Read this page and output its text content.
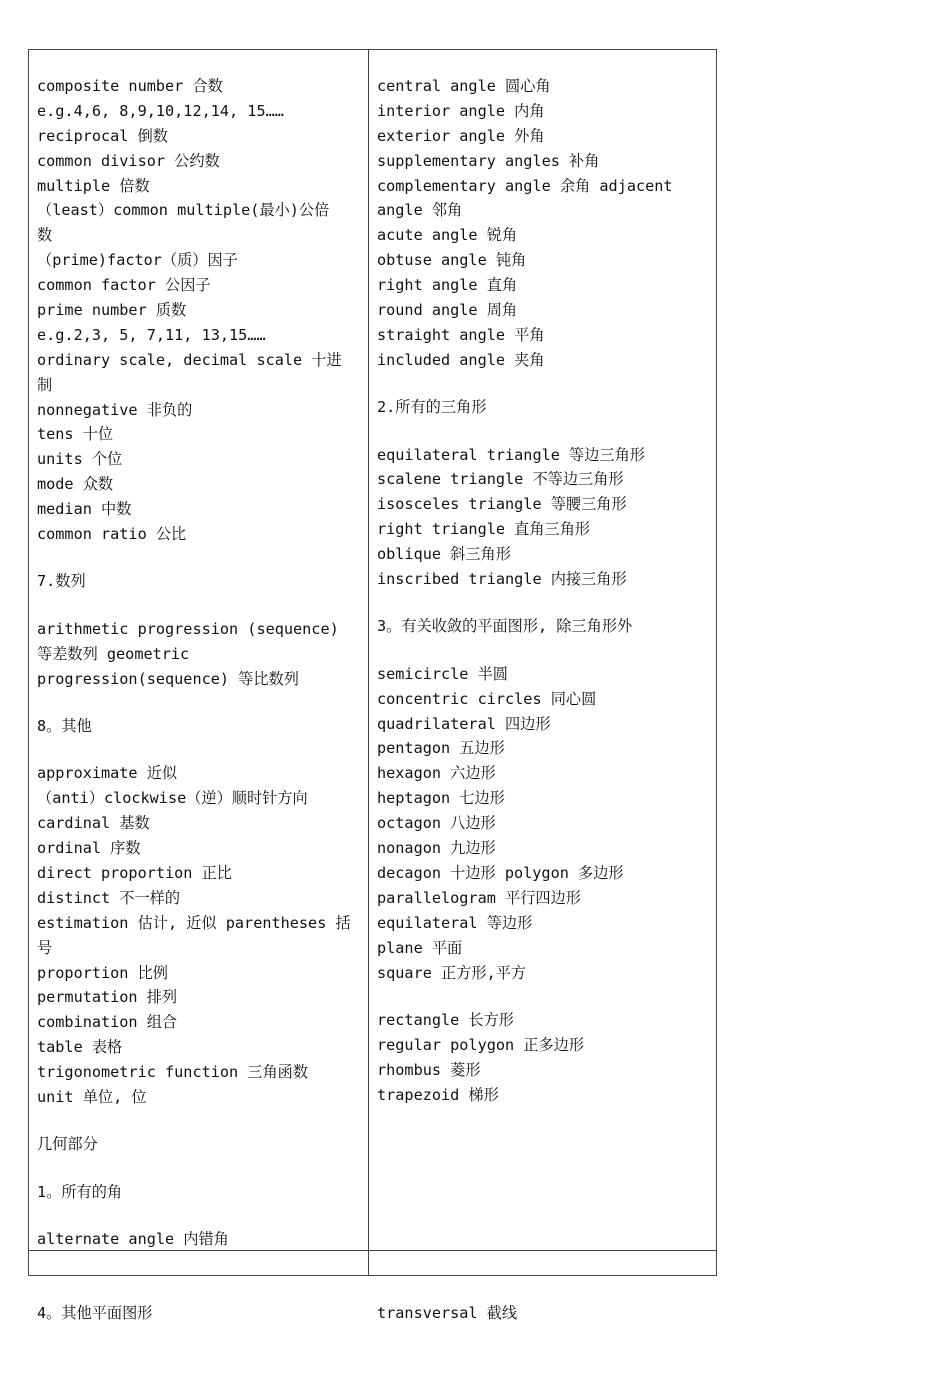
composite number 合数
e.g.4,6, 8,9,10,12,14, 15……
reciprocal 倒数
common divisor 公约数
multiple 倍数
（least）common multiple(最小)公倍
数
（prime)factor（质）因子
common factor 公因子
prime number 质数
e.g.2,3, 5, 7,11, 13,15……
ordinary scale, decimal scale 十进
制
nonnegative 非负的
tens 十位
units 个位
mode 众数
median 中数
common ratio 公比
7.数列
arithmetic progression (sequence)
等差数列 geometric
progression(sequence) 等比数列
8。其他
approximate 近似
（anti）clockwise（逆）顺时针方向
cardinal 基数
ordinal 序数
direct proportion 正比
distinct 不一样的
estimation 估计, 近似 parentheses 括
号
proportion 比例
permutation 排列
combination 组合
table 表格
trigonometric function 三角函数
unit 单位, 位
几何部分
1。所有的角
alternate angle 内错角
central angle 圆心角
interior angle 内角
exterior angle 外角
supplementary angles 补角
complementary angle 余角 adjacent
angle 邻角
acute angle 锐角
obtuse angle 钝角
right angle 直角
round angle 周角
straight angle 平角
included angle 夹角
2.所有的三角形
equilateral triangle 等边三角形
scalene triangle 不等边三角形
isosceles triangle 等腰三角形
right triangle 直角三角形
oblique 斜三角形
inscribed triangle 内接三角形
3。有关收敛的平面图形, 除三角形外
semicircle 半圆
concentric circles 同心圆
quadrilateral 四边形
pentagon 五边形
hexagon 六边形
heptagon 七边形
octagon 八边形
nonagon 九边形
decagon 十边形 polygon 多边形
parallelogram 平行四边形
equilateral 等边形
plane 平面
square 正方形,平方
rectangle 长方形
regular polygon 正多边形
rhombus 菱形
trapezoid 梯形

4。其他平面图形

	transversal 截线
